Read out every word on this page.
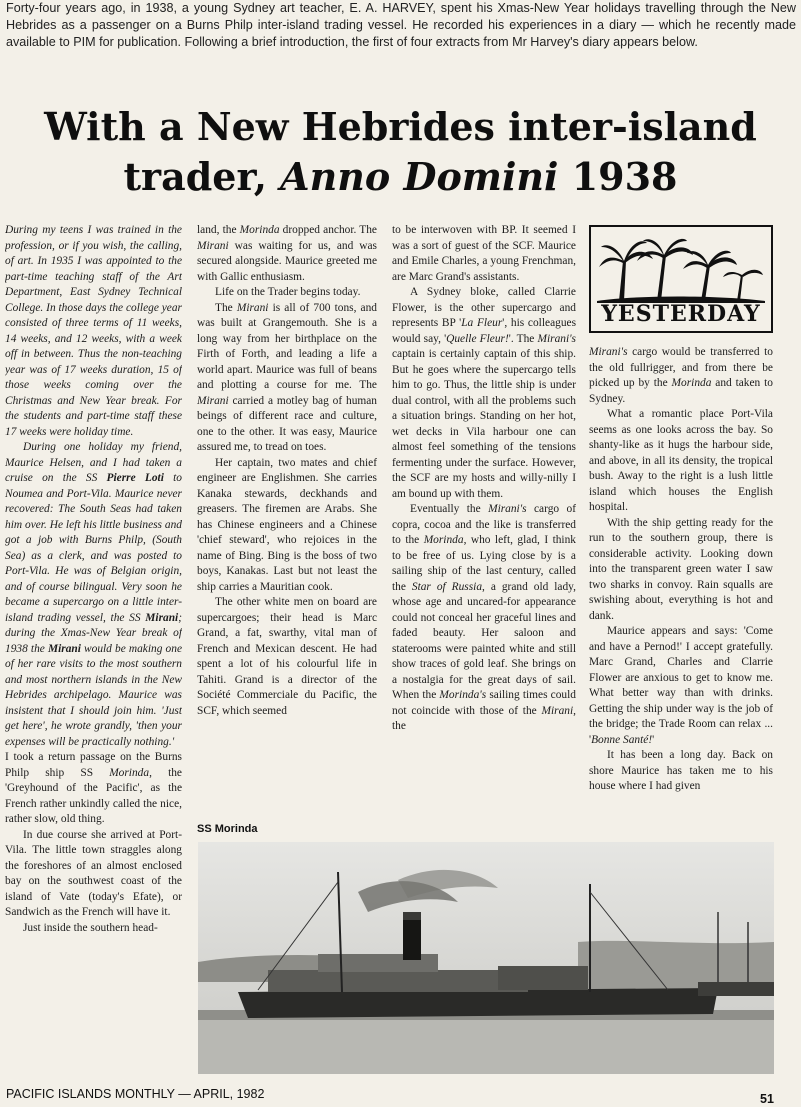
Forty-four years ago, in 1938, a young Sydney art teacher, E. A. HARVEY, spent his Xmas-New Year holidays travelling through the New Hebrides as a passenger on a Burns Philp inter-island trading vessel. He recorded his experiences in a diary — which he recently made available to PIM for publication. Following a brief introduction, the first of four extracts from Mr Harvey's diary appears below.
With a New Hebrides inter-island
trader, Anno Domini 1938

During my teens I was trained in the profession, or if you wish, the calling, of art. In 1935 I was appointed to the part-time teaching staff of the Art Department, East Sydney Technical College. In those days the college year consisted of three terms of 11 weeks, 14 weeks, and 12 weeks, with a week off in between. Thus the non-teaching year was of 17 weeks duration, 15 of those weeks coming over the Christmas and New Year break. For the students and part-time staff these 17 weeks were holiday time.

During one holiday my friend, Maurice Helsen, and I had taken a cruise on the SS Pierre Loti to Noumea and Port-Vila. Maurice never recovered: The South Seas had taken him over. He left his little business and got a job with Burns Philp, (South Sea) as a clerk, and was posted to Port-Vila. He was of Belgian origin, and of course bilingual. Very soon he became a supercargo on a little inter-island trading vessel, the SS Mirani; during the Xmas-New Year break of 1938 the Mirani would be making one of her rare visits to the most southern and most northern islands in the New Hebrides archipelago. Maurice was insistent that I should join him. 'Just get here', he wrote grandly, 'then your expenses will be practically nothing.'

I took a return passage on the Burns Philp ship SS Morinda, the 'Greyhound of the Pacific', as the French rather unkindly called the nice, rather slow, old thing.

In due course she arrived at Port-Vila. The little town straggles along the foreshores of an almost enclosed bay on the southwest coast of the island of Vate (today's Efate), or Sandwich as the French will have it.

Just inside the southern head-

land, the Morinda dropped anchor. The Mirani was waiting for us, and was secured alongside. Maurice greeted me with Gallic enthusiasm.

Life on the Trader begins today.

The Mirani is all of 700 tons, and was built at Grangemouth. She is a long way from her birthplace on the Firth of Forth, and leading a life a world apart. Maurice was full of beans and plotting a course for me. The Mirani carried a motley bag of human beings of different race and culture, one to the other. It was easy, Maurice assured me, to tread on toes.

Her captain, two mates and chief engineer are Englishmen. She carries Kanaka stewards, deckhands and greasers. The firemen are Arabs. She has Chinese engineers and a Chinese 'chief steward', who rejoices in the name of Bing. Bing is the boss of two boys, Kanakas. Last but not least the ship carries a Mauritian cook.

The other white men on board are supercargoes; their head is Marc Grand, a fat, swarthy, vital man of French and Mexican descent. He had spent a lot of his colourful life in Tahiti. Grand is a director of the Société Commerciale du Pacific, the SCF, which seemed

to be interwoven with BP. It seemed I was a sort of guest of the SCF. Maurice and Emile Charles, a young Frenchman, are Marc Grand's assistants.

A Sydney bloke, called Clarrie Flower, is the other supercargo and represents BP 'La Fleur', his colleagues would say, 'Quelle Fleur!'. The Mirani's captain is certainly captain of this ship. But he goes where the supercargo tells him to go. Thus, the little ship is under dual control, with all the problems such a situation brings. Standing on her hot, wet decks in Vila harbour one can almost feel something of the tensions fermenting under the surface. However, the SCF are my hosts and willy-nilly I am bound up with them.

Eventually the Mirani's cargo of copra, cocoa and the like is transferred to the Morinda, who left, glad, I think to be free of us. Lying close by is a sailing ship of the last century, called the Star of Russia, a grand old lady, whose age and uncared-for appearance could not conceal her graceful lines and faded beauty. Her saloon and staterooms were painted white and still show traces of gold leaf. She brings on a nostalgia for the great days of sail. When the Morinda's sailing times could not coincide with those of the Mirani, the

YESTERDAY

Mirani's cargo would be transferred to the old fullrigger, and from there be picked up by the Morinda and taken to Sydney.

What a romantic place Port-Vila seems as one looks across the bay. So shanty-like as it hugs the harbour side, and above, in all its density, the tropical bush. Away to the right is a lush little island which houses the English hospital.

With the ship getting ready for the run to the southern group, there is considerable activity. Looking down into the transparent green water I saw two sharks in convoy. Rain squalls are swishing about, everything is hot and dank.

Maurice appears and says: 'Come and have a Pernod!' I accept gratefully. Marc Grand, Charles and Clarrie Flower are anxious to get to know me. What better way than with drinks. Getting the ship under way is the job of the bridge; the Trade Room can relax ... 'Bonne Santé!'

It has been a long day. Back on shore Maurice has taken me to his house where I had given

SS Morinda
PACIFIC ISLANDS MONTHLY — APRIL, 1982	51
